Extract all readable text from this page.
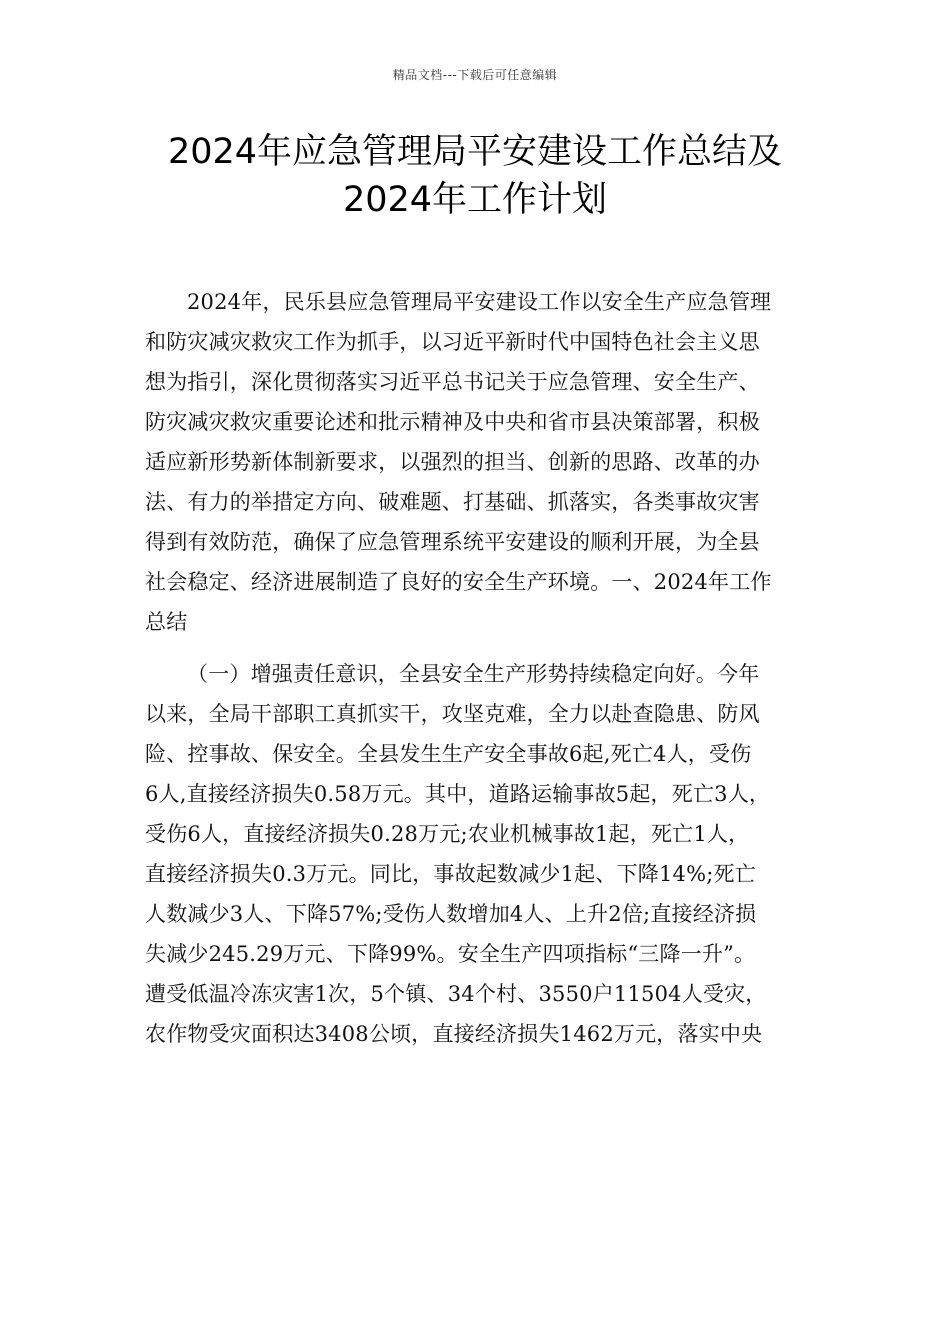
精品文档---下载后可任意编辑
2024年应急管理局平安建设工作总结及
2024年工作计划

2024年，民乐县应急管理局平安建设工作以安全生产应急管理
和防灾减灾救灾工作为抓手，以习近平新时代中国特色社会主义思
想为指引，深化贯彻落实习近平总书记关于应急管理、安全生产、
防灾减灾救灾重要论述和批示精神及中央和省市县决策部署，积极
适应新形势新体制新要求，以强烈的担当、创新的思路、改革的办
法、有力的举措定方向、破难题、打基础、抓落实，各类事故灾害
得到有效防范，确保了应急管理系统平安建设的顺利开展，为全县
社会稳定、经济进展制造了良好的安全生产环境。一、2024年工作
总结

（一）增强责任意识，全县安全生产形势持续稳定向好。今年
以来，全局干部职工真抓实干，攻坚克难，全力以赴查隐患、防风
险、控事故、保安全。全县发生生产安全事故6起,死亡4人，受伤
6人,直接经济损失0.58万元。其中，道路运输事故5起，死亡3人，
受伤6人，直接经济损失0.28万元;农业机械事故1起，死亡1人，
直接经济损失0.3万元。同比，事故起数减少1起、下降14%;死亡
人数减少3人、下降57%;受伤人数增加4人、上升2倍;直接经济损
失减少245.29万元、下降99%。安全生产四项指标“三降一升”。
遭受低温冷冻灾害1次，5个镇、34个村、3550户11504人受灾，
农作物受灾面积达3408公顷，直接经济损失1462万元，落实中央
